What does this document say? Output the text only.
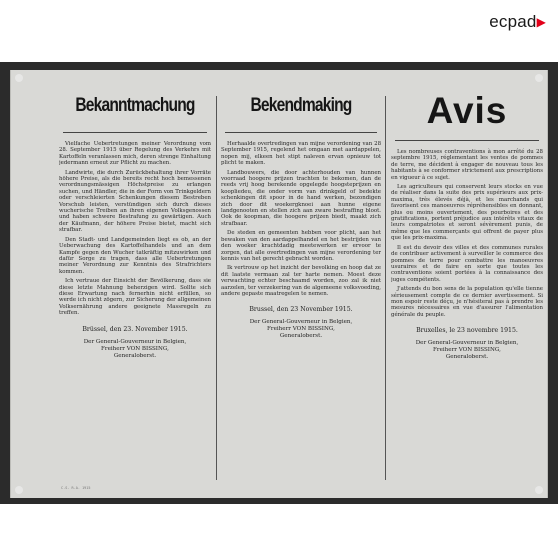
ecpad▶
Bekanntmachung

Vielfache Uebertretungen meiner Verordnung vom 28. September 1915 über Regelung des Verkehrs mit Kartoffeln veranlassen mich, deren strenge Einhaltung jedermann erneut zur Pflicht zu machen.

Landwirte, die durch Zurückbehaltung ihrer Vorräte höhere Preise, als die bereits recht hoch bemessenen verordnungsmässigen Höchstpreise zu erlangen suchen, und Händler, die in der Form von Trinkgeldern oder verschleierten Schenkungen diesem Bestreben Vorschub leisten, verstündigen sich durch dieses wucherische Treiben an ihren eigenen Volksgenossen und haben schwere Bestrafung zu gewärtigen. Auch der Käufmann, der höhere Preise bietet, macht sich strafbar.

Den Stadt- und Landgemeinden liegt es ob, an der Ueberwachung des Kartoffelhandels und an dem Kampfe gegen den Wucher tatkräftig mitzuwirken und dafür Sorge zu tragen, dass alle Uebertretungen meiner Verordnung zur Kenntnis des Strafrichters kommen.

Ich vertraue der Einsicht der Bevölkerung, dass sie diese letzte Mahnung beherzigen wird. Sollte sich diese Erwartung nach fernerhin nicht erfüllen, so werde ich nicht zögern, zur Sicherung der allgemeinen Volksernährung andere geeignete Massregeln zu treffen.

Brüssel, den 23. November 1915.
Der General-Gouverneur in Belgien,
Freiherr VON BISSING,
Generaloberst.
Bekendmaking

Herhaalde overtredingen van mijne verordening van 28 September 1915, regelend het omgaan met aardappelen, nopen mij, elkeen het stipt naleven ervan opnieuw tot plicht te maken.

Landbouwers, die door achterhouden van hunnen voorraad hoogere prijzen trachten te bekomen, dan de reeds vrij hoog berekende opgelegde hoogsteprijzen en koopliedeu, die onder vorm van drinkgeld of bedekte schenkingen dit spoor in de hand werken, bezondigen zich door dit woekergknoei aan hunne eigene landgenooten en stellen zich aan zware bestraffing bloot. Ook de koopman, die hoogere prijzen biedt, maakt zich strafbaar.

De steden en gemeenten hebben voor plicht, aan het bewaken van den aardappelhandel en het bestrijden van den woeker krachtdadig meetewerken er ervoor te zorgen, dat alle overtredingen van mijne verordening ter kennis van het gerecht gebracht worden.

Ik vertrouw op het inzicht der bevolking en hoop dat ze dit laatste vermaan zal ter harte nemen. Moest deze verwachting echter beschaamd worden, zoo zal ik niet aarzelen, ter verzekering van de algemeene volksvoeding, andere gepaste maatregelen te nemen.

Brussel, den 23 November 1915.
Der General-Gouverneur in Belgien,
Freiherr VON BISSING,
Generaloberst.
Avis

Les nombreuses contraventions à mon arrêté du 28 septembre 1915, réglementant les ventes de pommes de terre, me décident à engager de nouveau tous les habitants à se conformer strictement aux prescriptions en vigueur à ce sujet.

Les agriculteurs qui conservent leurs stocks en vue de réaliser dans la suite des prix supérieurs aux prix-maxima, très élevés déjà, et les marchands qui favorisent ces manoeuvres répréhensibles en donnant, plus ou moins ouvertement, des pourboires et des gratifications, portent préjudice aux intérêts vitaux de leurs compatriotes et seront sévèrement punis, de même que les commerçants qui offrent de payer plus que les prix-maxima.

Il est du devoir des villes et des communes rurales de contribuer activement à surveiller le commerce des pommes de terre pour combattre les manoeuvres usuraires et de faire en sorte que toutes les contraventions soient portées à la connaissance des juges compétents.

J'attends du bon sens de la population qu'elle tienne sérieusement compte de ce dernier avertissement. Si mon espoir reste déçu, je n'hésiterai pas à prendre les mesures nécessaires en vue d'assurer l'alimentation générale du peuple.

Bruxelles, le 23 novembre 1915.
Der General-Gouverneur in Belgien,
Freiherr VON BISSING,
Generaloberst.
C.S. R.A. 1915
